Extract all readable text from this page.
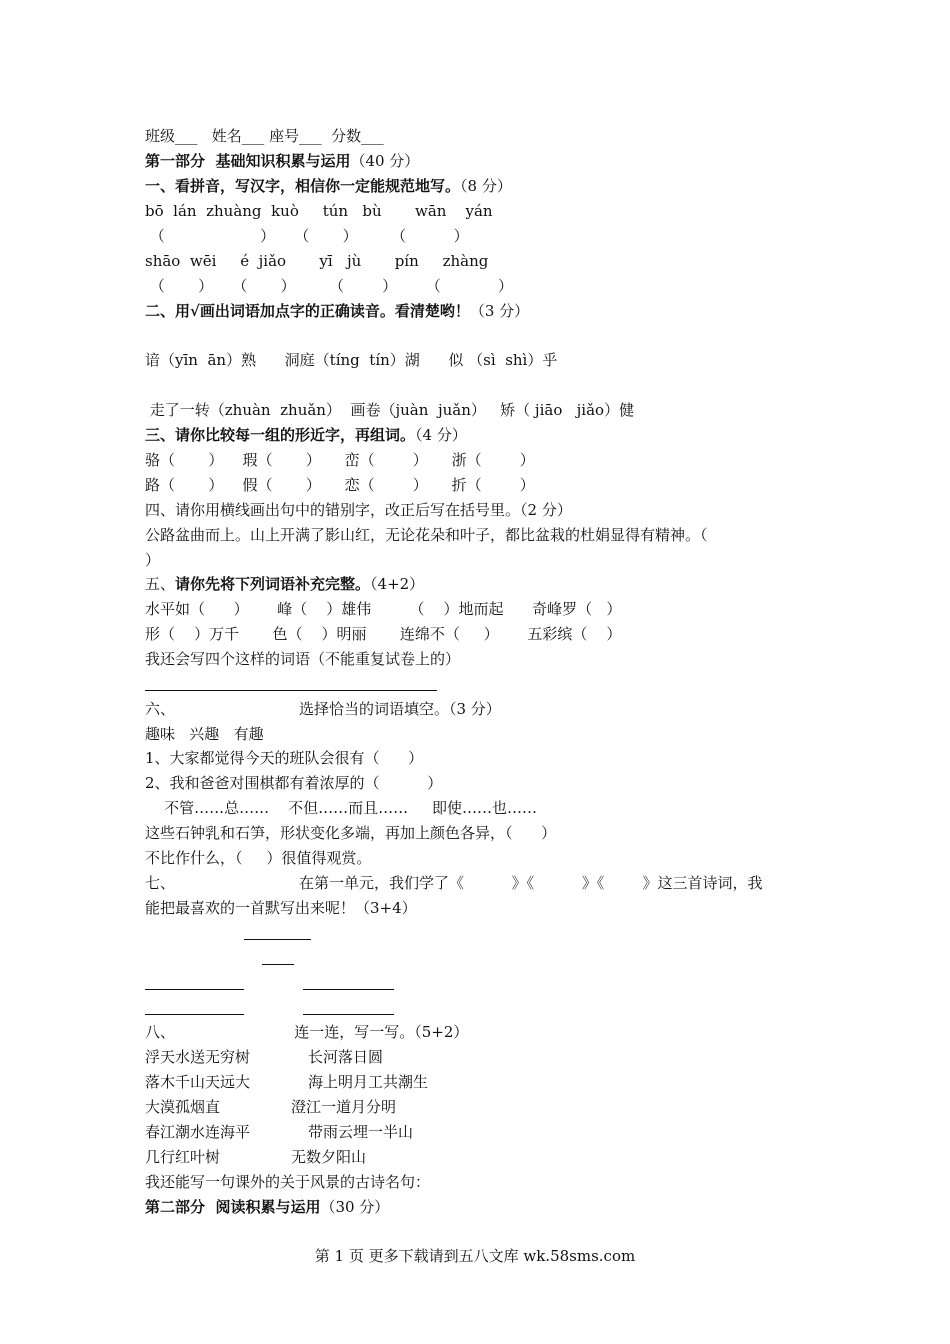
班级___   姓名___ 座号___  分数___
第一部分  基础知识积累与运用（40 分）
一、看拼音，写汉字，相信你一定能规范地写。（8 分）
bō  lán  zhuàng  kuò     tún   bù       wān    yán
（                    ）    （       ）       （          ）
shāo  wēi     é  jiǎo       yī   jù       pín     zhàng
（       ）    （       ）       （        ）      （            ）
二、用√画出词语加点字的正确读音。看清楚哟！（3 分）
谙（yīn  ān）熟      洞庭（tíng  tín）湖      似 （sì  shì）乎
走了一转（zhuàn  zhuǎn）  画卷（juàn  juǎn）   矫（ jiāo   jiǎo）健
三、请你比较每一组的形近字，再组词。（4 分）
骆（       ）    瑕（       ）     峦（        ）     浙（        ）
路（       ）    假（       ）     恋（        ）     折（        ）
四、请你用横线画出句中的错别字，改正后写在括号里。（2 分）
公路盆曲而上。山上开满了影山红，无论花朵和叶子，都比盆栽的杜娟显得有精神。（
）
五、请你先将下列词语补充完整。（4+2）
水平如（      ）      峰（    ）雄伟        （    ）地而起      奇峰罗（   ）
形（    ）万千       色（    ）明丽       连绵不（     ）      五彩缤（    ）
我还会写四个这样的词语（不能重复试卷上的）
六、                          选择恰当的词语填空。（3 分）
趣味   兴趣   有趣
1、大家都觉得今天的班队会很有（      ）
2、我和爸爸对围棋都有着浓厚的（          ）
不管……总……    不但……而且……     即使……也……
这些石钟乳和石笋，形状变化多端，再加上颜色各异，（      ）
不比作什么，（     ）很值得观赏。
七、                          在第一单元，我们学了《          》《          》《        》这三首诗词，我
能把最喜欢的一首默写出来呢！（3+4）
八、                         连一连，写一写。（5+2）
浮天水送无穷树	长河落日圆
落木千山天远大	海上明月工共潮生
大漠孤烟直	澄江一道月分明
春江潮水连海平	带雨云埋一半山
几行红叶树	无数夕阳山
我还能写一句课外的关于风景的古诗名句：
第二部分  阅读积累与运用（30 分）
第 1 页 更多下载请到五八文库 wk.58sms.com
